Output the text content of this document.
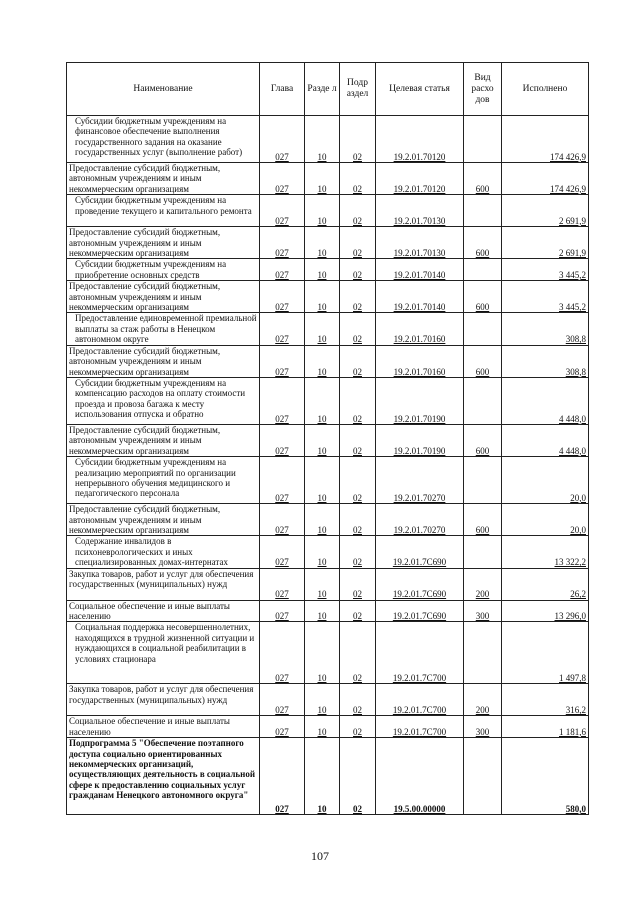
Наименование	Глава	Разде л	Подр аздел	Целевая статья	Вид расхо дов	Исполнено
Субсидии бюджетным учреждениям на финансовое обеспечение выполнения государственного задания на оказание государственных услуг (выполнение работ)	027	10	02	19.2.01.70120		174 426,9
Предоставление субсидий бюджетным, автономным учреждениям и иным некоммерческим организациям	027	10	02	19.2.01.70120	600	174 426,9
Субсидии бюджетным учреждениям на проведение текущего и капитального ремонта	027	10	02	19.2.01.70130		2 691,9
Предоставление субсидий бюджетным, автономным учреждениям и иным некоммерческим организациям	027	10	02	19.2.01.70130	600	2 691,9
Субсидии бюджетным учреждениям на приобретение основных средств	027	10	02	19.2.01.70140		3 445,2
Предоставление субсидий бюджетным, автономным учреждениям и иным некоммерческим организациям	027	10	02	19.2.01.70140	600	3 445,2
Предоставление единовременной премиальной выплаты за стаж работы в Ненецком автономном округе	027	10	02	19.2.01.70160		308,8
Предоставление субсидий бюджетным, автономным учреждениям и иным некоммерческим организациям	027	10	02	19.2.01.70160	600	308,8
Субсидии бюджетным учреждениям на компенсацию расходов на оплату стоимости проезда и провоза багажа к месту использования отпуска и обратно	027	10	02	19.2.01.70190		4 448,0
Предоставление субсидий бюджетным, автономным учреждениям и иным некоммерческим организациям	027	10	02	19.2.01.70190	600	4 448,0
Субсидии бюджетным учреждениям на реализацию мероприятий по организации непрерывного обучения медицинского и педагогического персонала	027	10	02	19.2.01.70270		20,0
Предоставление субсидий бюджетным, автономным учреждениям и иным некоммерческим организациям	027	10	02	19.2.01.70270	600	20,0
Содержание инвалидов в психоневрологических и иных специализированных домах-интернатах	027	10	02	19.2.01.7С690		13 322,2
Закупка товаров, работ и услуг для обеспечения государственных (муниципальных) нужд	027	10	02	19.2.01.7С690	200	26,2
Социальное обеспечение и иные выплаты населению	027	10	02	19.2.01.7С690	300	13 296,0
Социальная поддержка несовершеннолетних, находящихся в трудной жизненной ситуации и нуждающихся в социальной реабилитации в условиях стационара	027	10	02	19.2.01.7С700		1 497,8
Закупка товаров, работ и услуг для обеспечения государственных (муниципальных) нужд	027	10	02	19.2.01.7С700	200	316,2
Социальное обеспечение и иные выплаты населению	027	10	02	19.2.01.7С700	300	1 181,6
Подпрограмма 5 "Обеспечение поэтапного доступа социально ориентированных некоммерческих организаций, осуществляющих деятельность в социальной сфере к предоставлению социальных услуг гражданам Ненецкого автономного округа"	027	10	02	19.5.00.00000		580,0
107
